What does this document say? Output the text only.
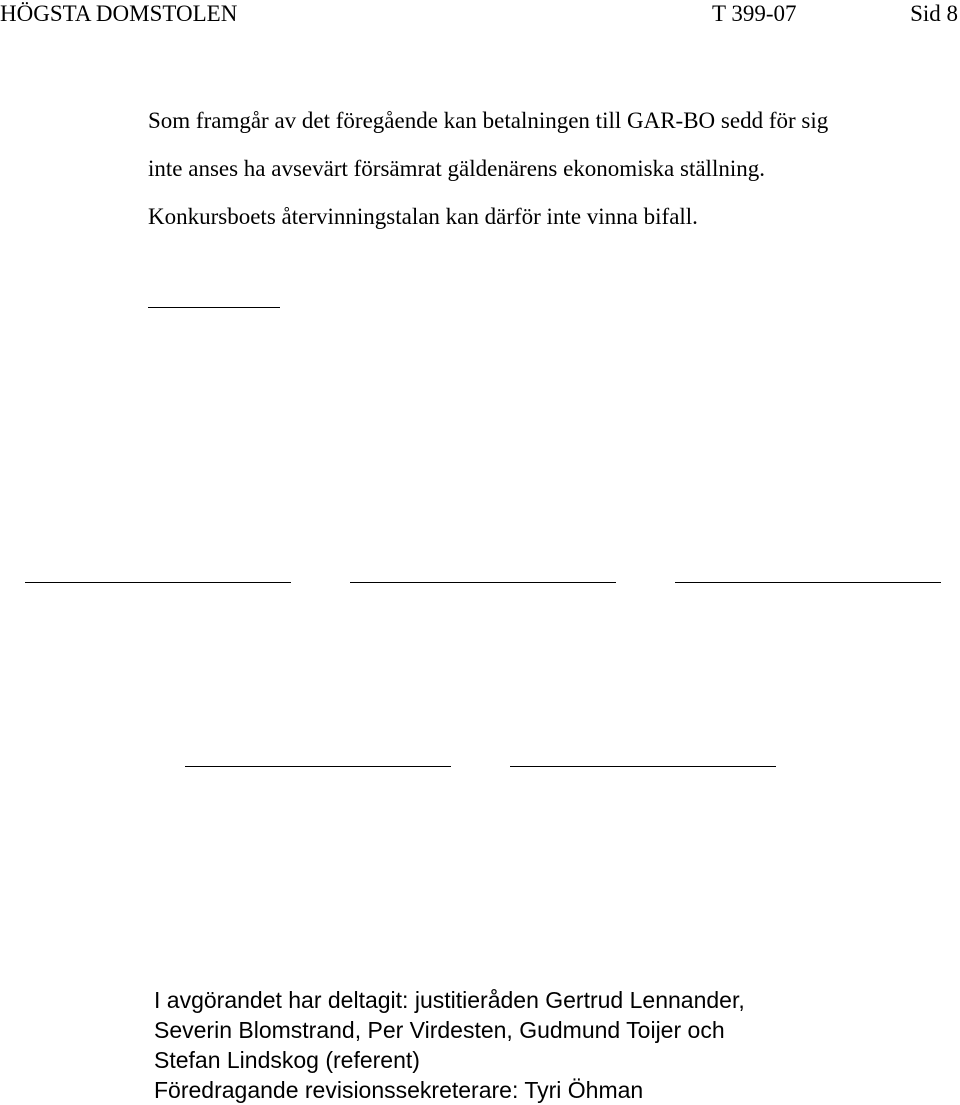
HÖGSTA DOMSTOLEN	T 399-07	Sid 8

Som framgår av det föregående kan betalningen till GAR-BO sedd för sig

inte anses ha avsevärt försämrat gäldenärens ekonomiska ställning.

Konkursboets återvinningstalan kan därför inte vinna bifall.

I avgörandet har deltagit: justitieråden Gertrud Lennander,
Severin Blomstrand, Per Virdesten, Gudmund Toijer och
Stefan Lindskog (referent)
Föredragande revisionssekreterare: Tyri Öhman
